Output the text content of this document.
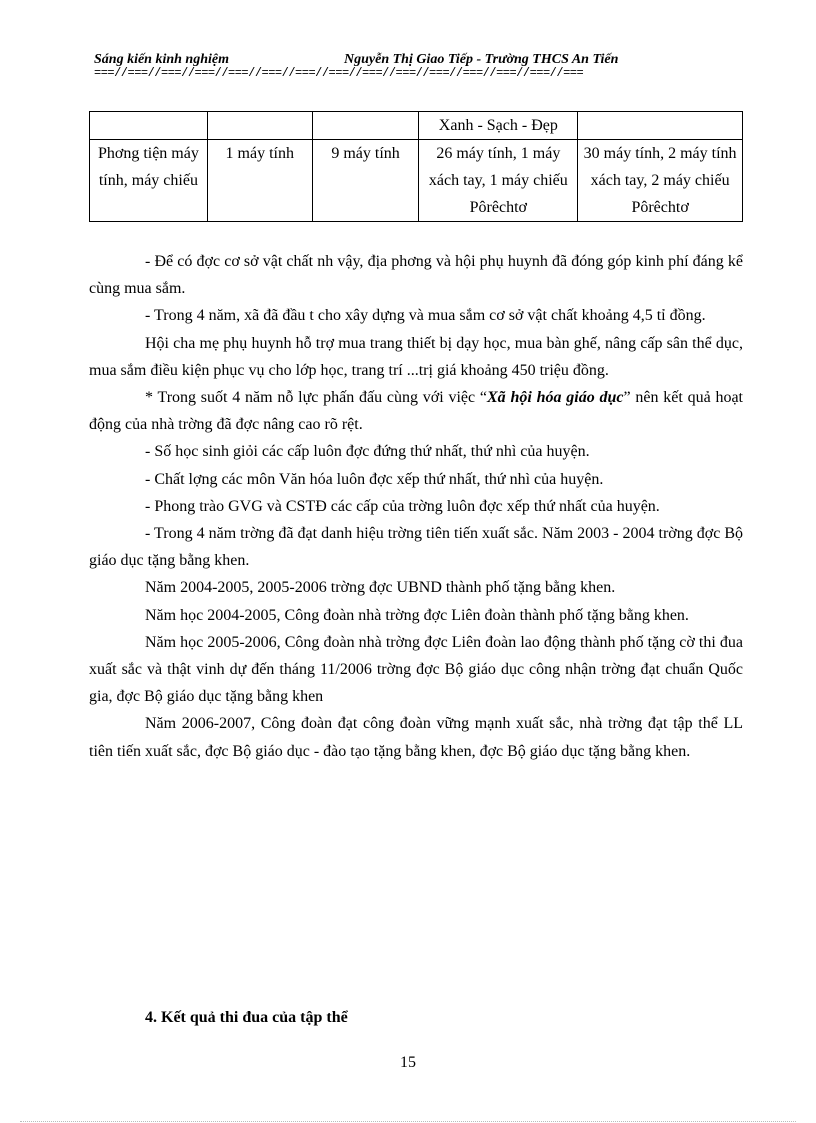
Sáng kiến kinh nghiệm	Nguyễn Thị Giao Tiếp - Trường THCS An Tiến
===//===//===//===//===//===//===//===//===//===//===//===//===//===//===
			Xanh - Sạch - Đẹp	
Phơng tiện máy tính, máy chiếu	1 máy tính	9 máy tính	26 máy tính, 1 máy xách tay, 1 máy chiếu Pôrêchtơ	30 máy tính, 2 máy tính xách tay, 2 máy chiếu Pôrêchtơ

- Để có đợc cơ sở vật chất nh vậy, địa phơng và hội phụ huynh đã đóng góp kinh phí đáng kể cùng mua sắm.

- Trong 4 năm, xã đã đầu t cho xây dựng và mua sắm cơ sở vật chất khoảng 4,5 tỉ đồng.

Hội cha mẹ phụ huynh hỗ trợ mua trang thiết bị dạy học, mua bàn ghế, nâng cấp sân thể dục, mua sắm điều kiện phục vụ cho lớp học, trang trí ...trị giá khoảng 450 triệu đồng.

* Trong suốt 4 năm nỗ lực phấn đấu cùng với việc “Xã hội hóa giáo dục” nên kết quả hoạt động của nhà trờng đã đợc nâng cao rõ rệt.

- Số học sinh giỏi các cấp luôn đợc đứng thứ nhất, thứ nhì của huyện.

- Chất lợng các môn Văn hóa luôn đợc xếp thứ nhất, thứ nhì của huyện.

- Phong trào GVG và CSTĐ các cấp của trờng luôn đợc xếp thứ nhất của huyện.

- Trong 4 năm trờng đã đạt danh hiệu trờng tiên tiến xuất sắc. Năm 2003 - 2004 trờng đợc Bộ giáo dục tặng bằng khen.

Năm 2004-2005, 2005-2006 trờng đợc UBND thành phố tặng bằng khen.

Năm học 2004-2005, Công đoàn nhà trờng đợc Liên đoàn thành phố tặng bằng khen.

Năm học 2005-2006, Công đoàn nhà trờng đợc Liên đoàn lao động thành phố tặng cờ thi đua xuất sắc và thật vinh dự đến tháng 11/2006 trờng đợc Bộ giáo dục công nhận trờng đạt chuẩn Quốc gia, đợc Bộ giáo dục tặng bằng khen

Năm 2006-2007, Công đoàn đạt công đoàn vững mạnh xuất sắc, nhà trờng đạt tập thể LL tiên tiến xuất sắc, đợc Bộ giáo dục - đào tạo tặng bằng khen, đợc Bộ giáo dục tặng bằng khen.

4. Kết quả thi đua của tập thể
15
